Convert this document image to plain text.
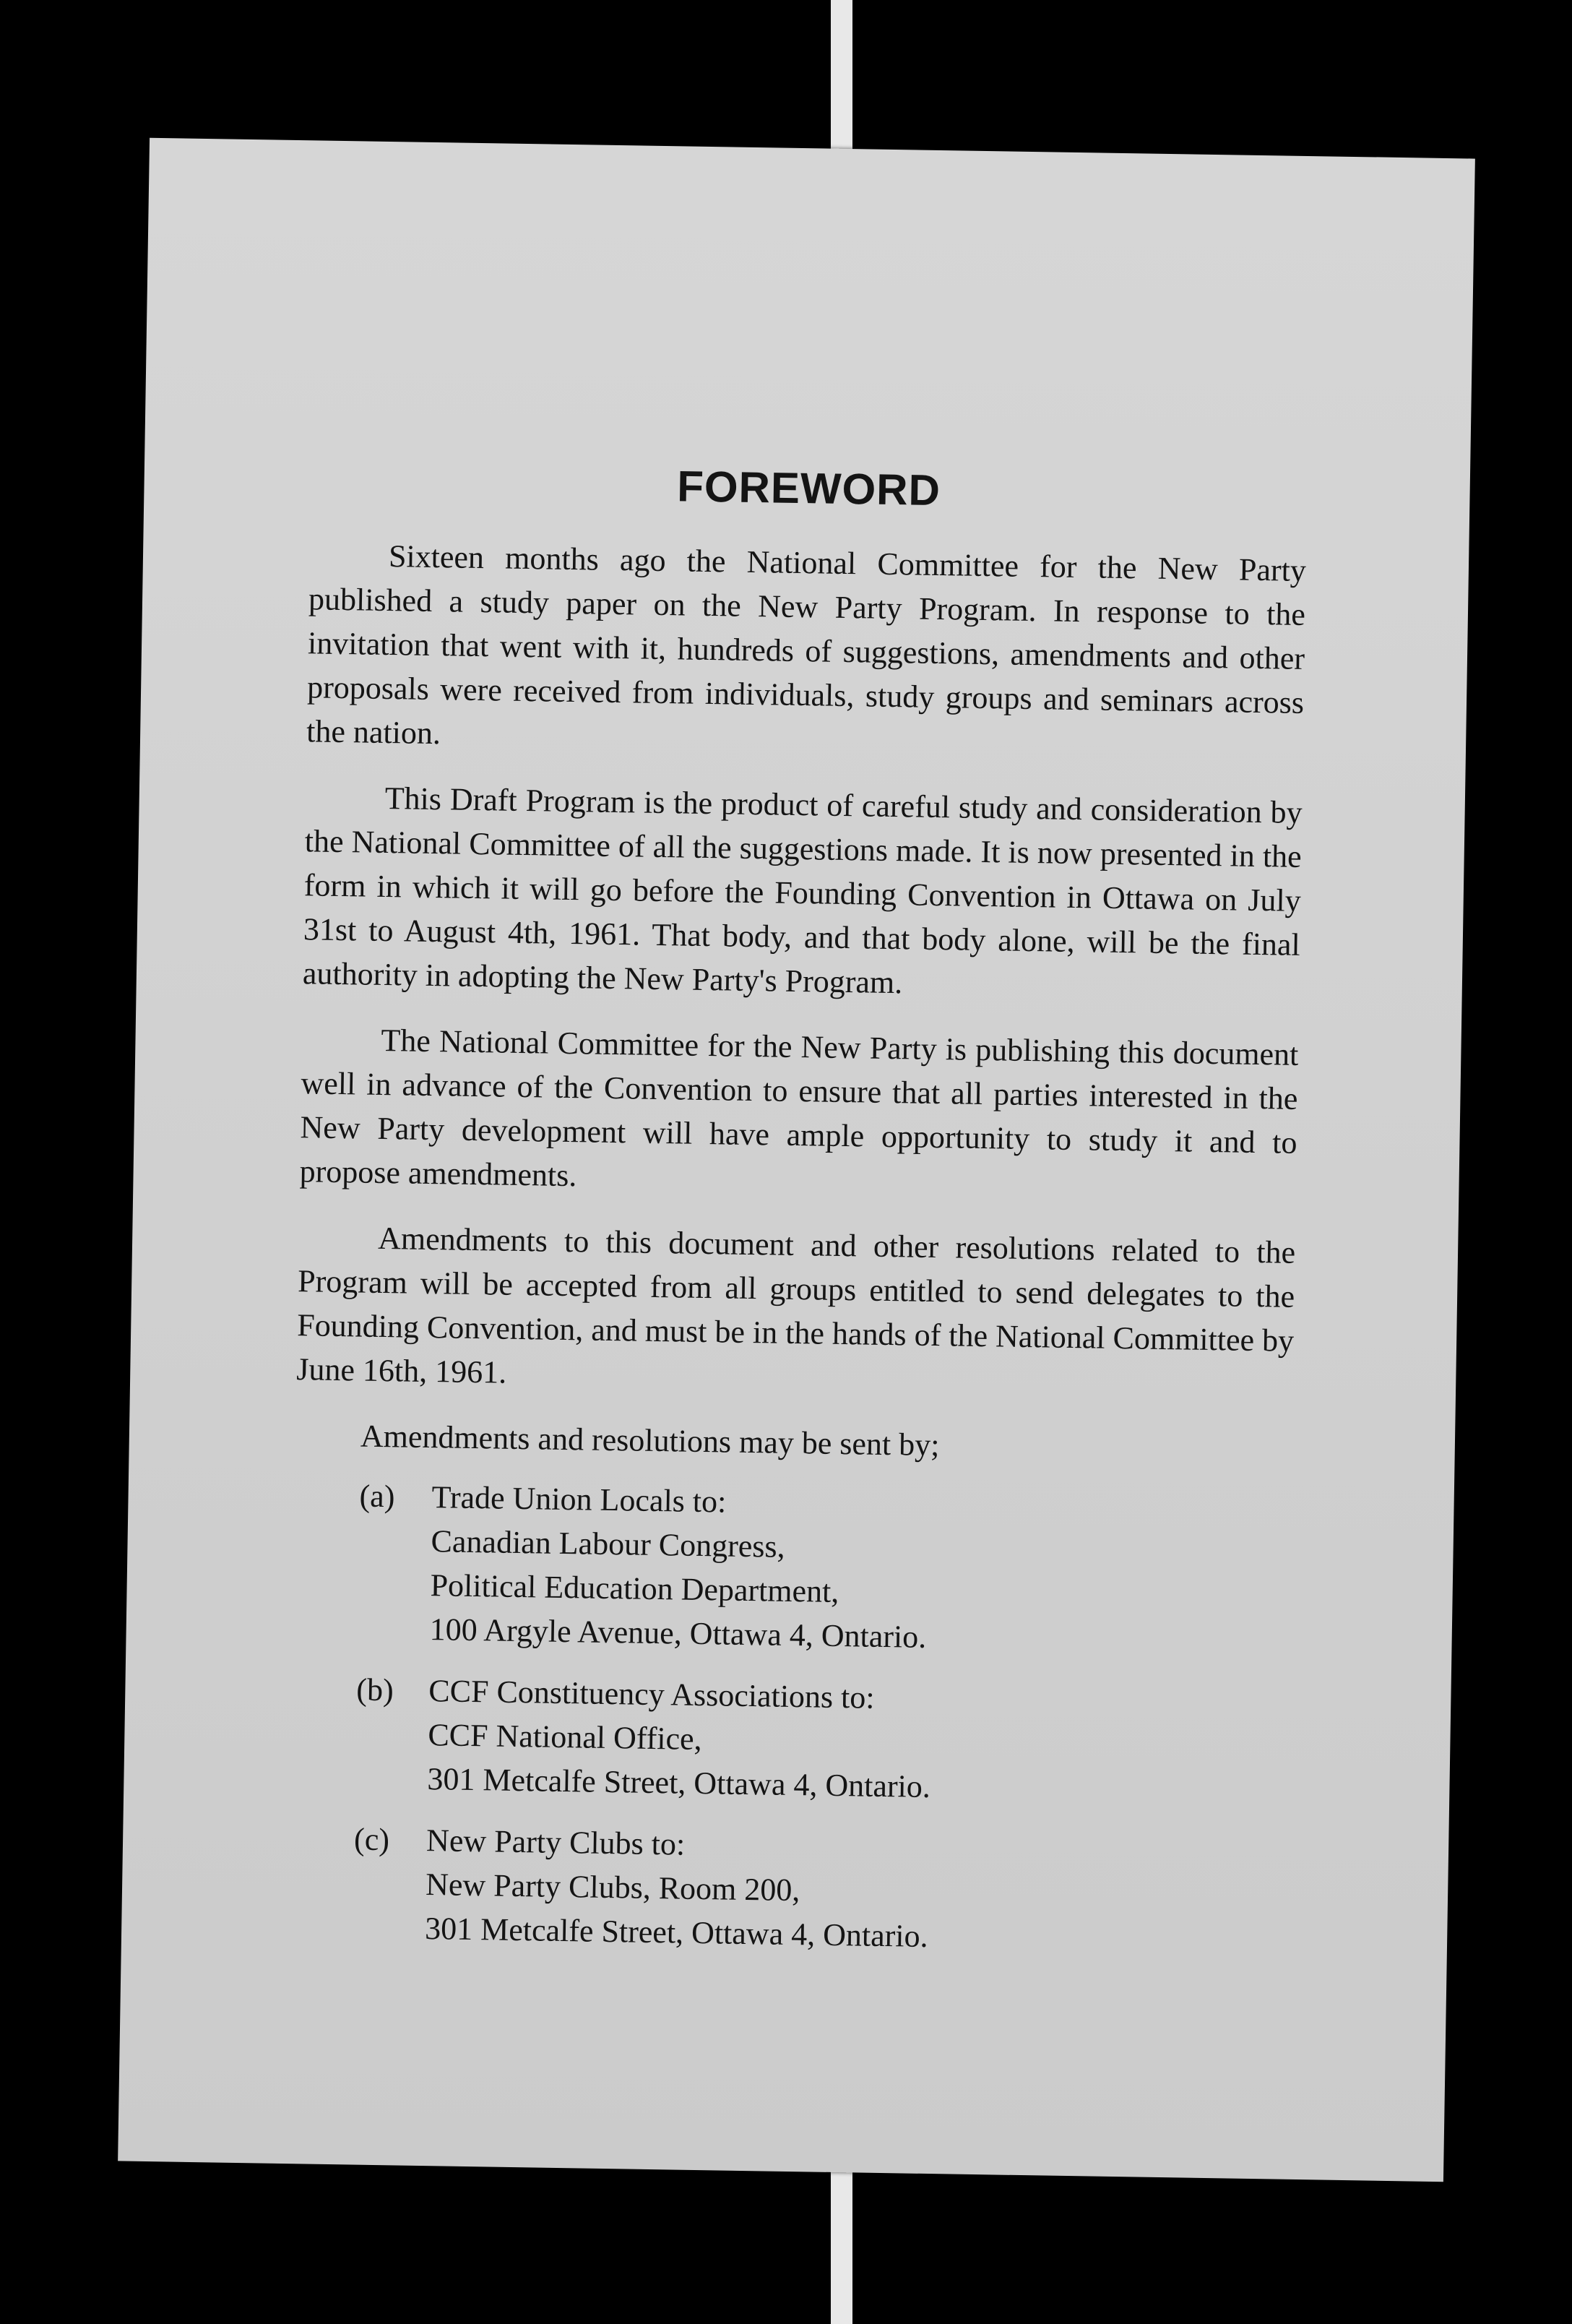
FOREWORD

Sixteen months ago the National Committee for the New Party published a study paper on the New Party Program. In response to the invitation that went with it, hundreds of suggestions, amendments and other proposals were received from individuals, study groups and seminars across the nation.

This Draft Program is the product of careful study and consideration by the National Committee of all the suggestions made. It is now presented in the form in which it will go before the Founding Convention in Ottawa on July 31st to August 4th, 1961. That body, and that body alone, will be the final authority in adopting the New Party's Program.

The National Committee for the New Party is publishing this document well in advance of the Convention to ensure that all parties interested in the New Party development will have ample opportunity to study it and to propose amendments.

Amendments to this document and other resolutions related to the Program will be accepted from all groups entitled to send delegates to the Founding Convention, and must be in the hands of the National Committee by June 16th, 1961.

Amendments and resolutions may be sent by;

(a)	Trade Union Locals to:
Canadian Labour Congress,
Political Education Department,
100 Argyle Avenue, Ottawa 4, Ontario.
(b)	CCF Constituency Associations to:
CCF National Office,
301 Metcalfe Street, Ottawa 4, Ontario.
(c)	New Party Clubs to:
New Party Clubs, Room 200,
301 Metcalfe Street, Ottawa 4, Ontario.
